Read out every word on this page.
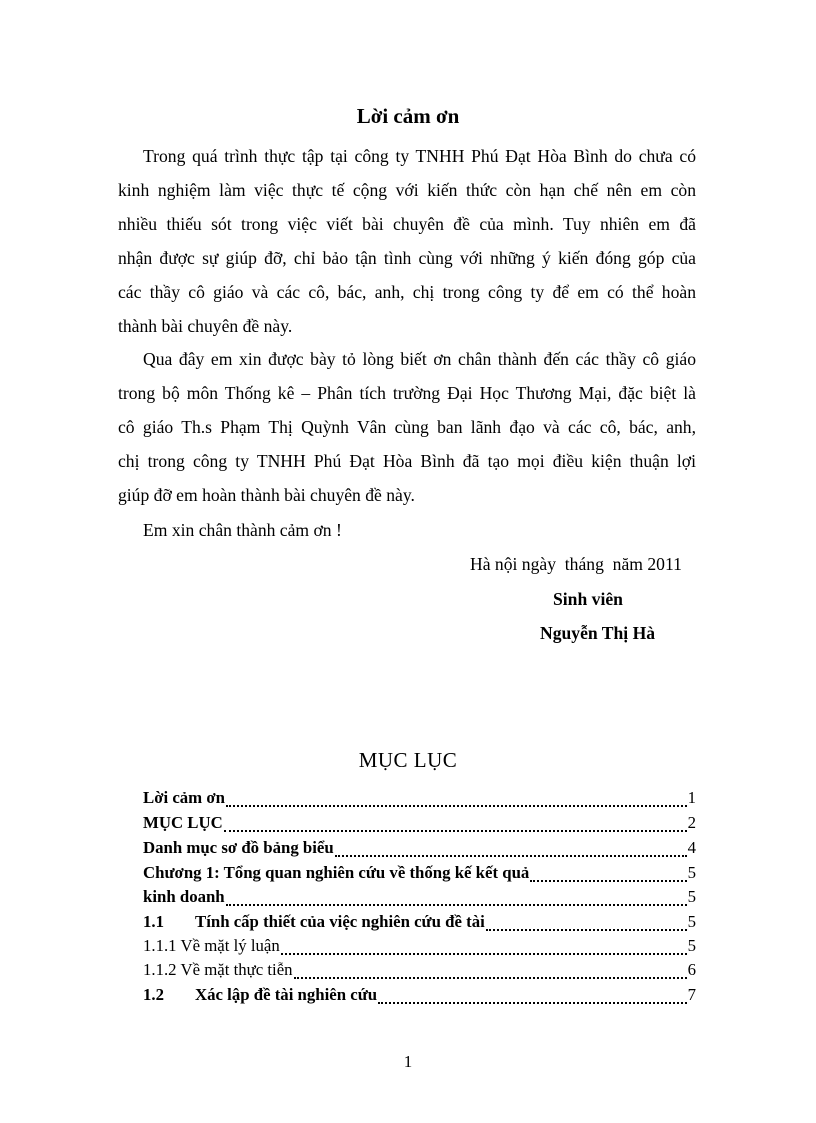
Lời cảm ơn
Trong quá trình thực tập tại công ty TNHH Phú Đạt Hòa Bình do chưa có
kinh nghiệm làm việc thực tế cộng với kiến thức còn hạn chế nên em còn
nhiều thiếu sót trong việc viết bài chuyên đề của mình. Tuy nhiên em đã
nhận được sự giúp đỡ, chỉ bảo tận tình cùng với những ý kiến đóng góp của
các thầy cô giáo và các cô, bác, anh, chị trong công ty để em có thể hoàn
thành bài chuyên đề này.
Qua đây em xin được bày tỏ lòng biết ơn chân thành đến các thầy cô giáo
trong bộ môn Thống kê – Phân tích trường Đại Học Thương Mại, đặc biệt là
cô giáo Th.s Phạm Thị Quỳnh Vân cùng ban lãnh đạo và các cô, bác, anh,
chị trong công ty TNHH Phú Đạt Hòa Bình đã tạo mọi điều kiện thuận lợi
giúp đỡ em hoàn thành bài chuyên đề này.
Em xin chân thành cảm ơn !
Hà nội ngày  tháng  năm 2011
Sinh viên
Nguyễn Thị Hà
MỤC LỤC
Lời cảm ơn	1
MỤC LỤC	2
Danh mục sơ đồ bảng biểu	4
Chương 1: Tổng quan nghiên cứu về thống kế kết quả	5
kinh doanh	5
1.1 Tính cấp thiết của việc nghiên cứu đề tài	5
1.1.1 Về mặt lý luận	5
1.1.2 Về mặt thực tiễn	6
1.2 Xác lập đề tài nghiên cứu	7
1
